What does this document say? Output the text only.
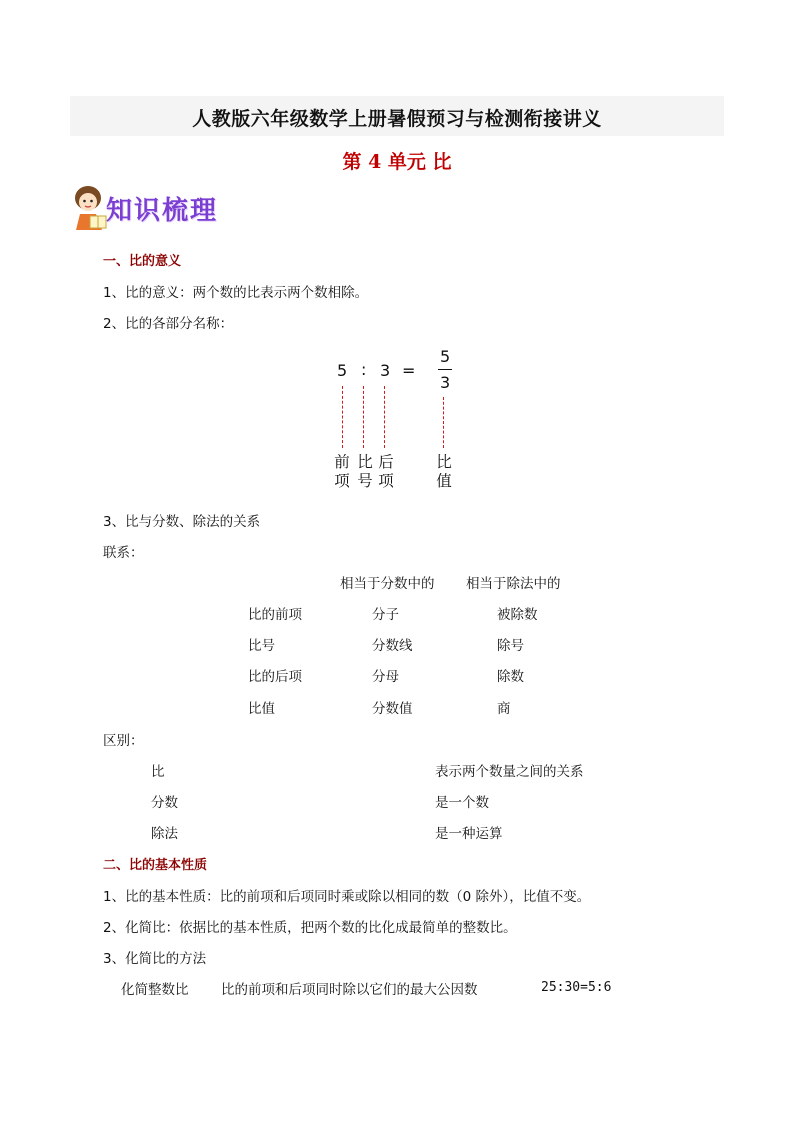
人教版六年级数学上册暑假预习与检测衔接讲义
第 4 单元 比
知识梳理
一、比的意义
1、比的意义：两个数的比表示两个数相除。
2、比的各部分名称：
5 : 3 =
5
3
前
项
比
号
后
项
比
值
3、比与分数、除法的关系
联系：
相当于分数中的 相当于除法中的
比的前项	分子	被除数
比号	分数线	除号
比的后项	分母	除数
比值	分数值	商
区别：
比	表示两个数量之间的关系
分数	是一个数
除法	是一种运算
二、比的基本性质
1、比的基本性质：比的前项和后项同时乘或除以相同的数（0 除外），比值不变。
2、化简比：依据比的基本性质，把两个数的比化成最简单的整数比。
3、化简比的方法
化简整数比 比的前项和后项同时除以它们的最大公因数	25:30=5:6
